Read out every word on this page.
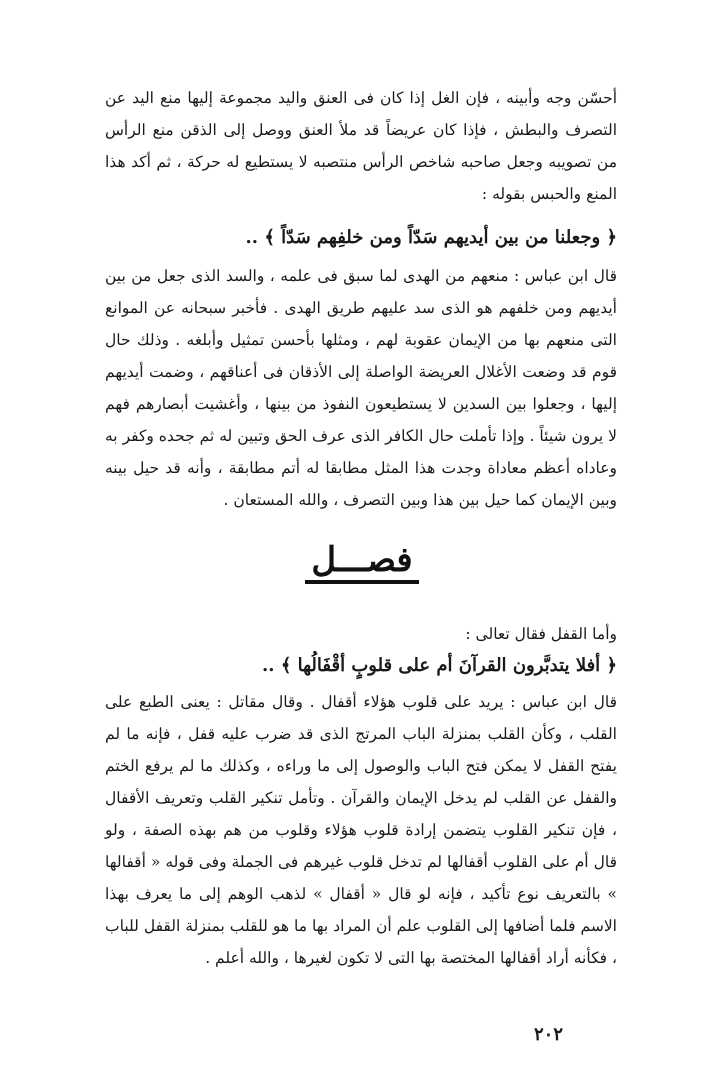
أحسّن وجه وأبينه ، فإن الغل إذا كان فى العنق واليد مجموعة إليها منع اليد عن التصرف والبطش ، فإذا كان عريضاً قد ملأ العنق ووصل إلى الذقن منع الرأس من تصويبه وجعل صاحبه شاخص الرأس منتصبه لا يستطيع له حركة ، ثم أكد هذا المنع والحبس بقوله :

﴿ وجعلنا من بين أيديهم سَدّاً ومن خلفِهم سَدّاً ﴾ ..

قال ابن عباس : منعهم من الهدى لما سبق فى علمه ، والسد الذى جعل من بين أيديهم ومن خلفهم هو الذى سد عليهم طريق الهدى . فأخبر سبحانه عن الموانع التى منعهم بها من الإيمان عقوبة لهم ، ومثلها بأحسن تمثيل وأبلغه . وذلك حال قوم قد وضعت الأغلال العريضة الواصلة إلى الأذقان فى أعناقهم ، وضمت أيديهم إليها ، وجعلوا بين السدين لا يستطيعون النفوذ من بينها ، وأغشيت أبصارهم فهم لا يرون شيئاً . وإذا تأملت حال الكافر الذى عرف الحق وتبين له ثم جحده وكفر به وعاداه أعظم معاداة وجدت هذا المثل مطابقا له أتم مطابقة ، وأنه قد حيل بينه وبين الإيمان كما حيل بين هذا وبين التصرف ، والله المستعان .

فصـــل

وأما القفل فقال تعالى :

﴿ أفلا يتدبَّرون القرآنَ أم على قلوبٍ أقْفَالُها ﴾ ..

قال ابن عباس : يريد على قلوب هؤلاء أقفال . وقال مقاتل : يعنى الطبع على القلب ، وكأن القلب بمنزلة الباب المرتج الذى قد ضرب عليه قفل ، فإنه ما لم يفتح القفل لا يمكن فتح الباب والوصول إلى ما وراءه ، وكذلك ما لم يرفع الختم والقفل عن القلب لم يدخل الإيمان والقرآن . وتأمل تنكير القلب وتعريف الأقفال ، فإن تنكير القلوب يتضمن إرادة قلوب هؤلاء وقلوب من هم بهذه الصفة ، ولو قال أم على القلوب أقفالها لم تدخل قلوب غيرهم فى الجملة وفى قوله « أقفالها » بالتعريف نوع تأكيد ، فإنه لو قال « أقفال » لذهب الوهم إلى ما يعرف بهذا الاسم فلما أضافها إلى القلوب علم أن المراد بها ما هو للقلب بمنزلة القفل للباب ، فكأنه أراد أقفالها المختصة بها التى لا تكون لغيرها ، والله أعلم .

٢٠٢
